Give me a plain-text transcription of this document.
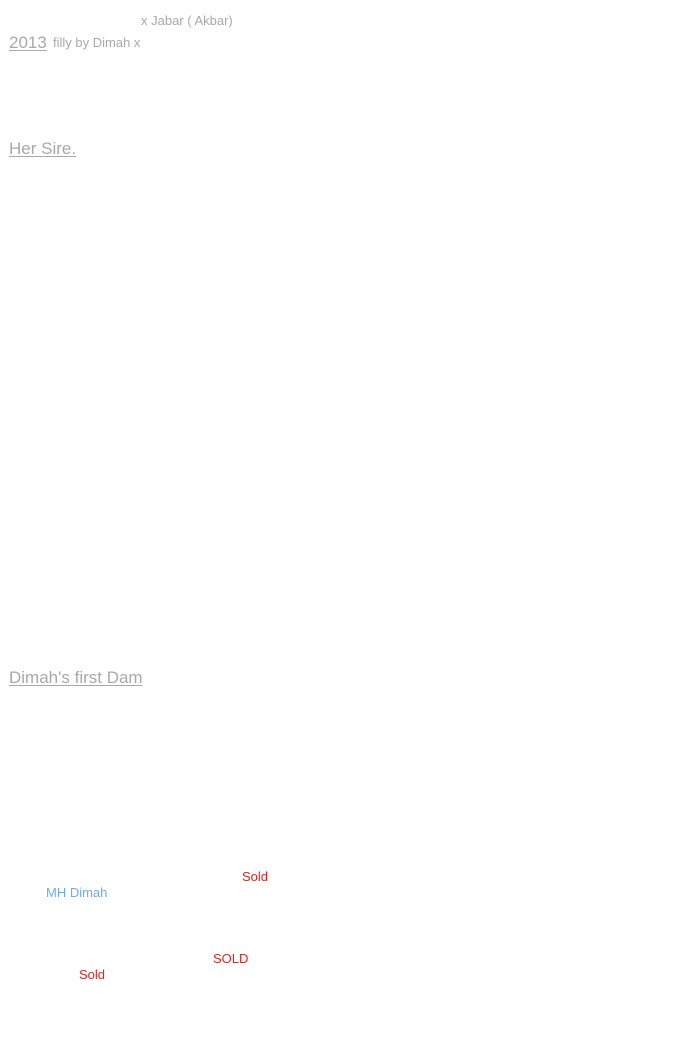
x Jabar ( Akbar)
2013 filly by Dimah x
Her Sire.
Dimah's first Dam
Sold
MH Dimah
SOLD
Sold
